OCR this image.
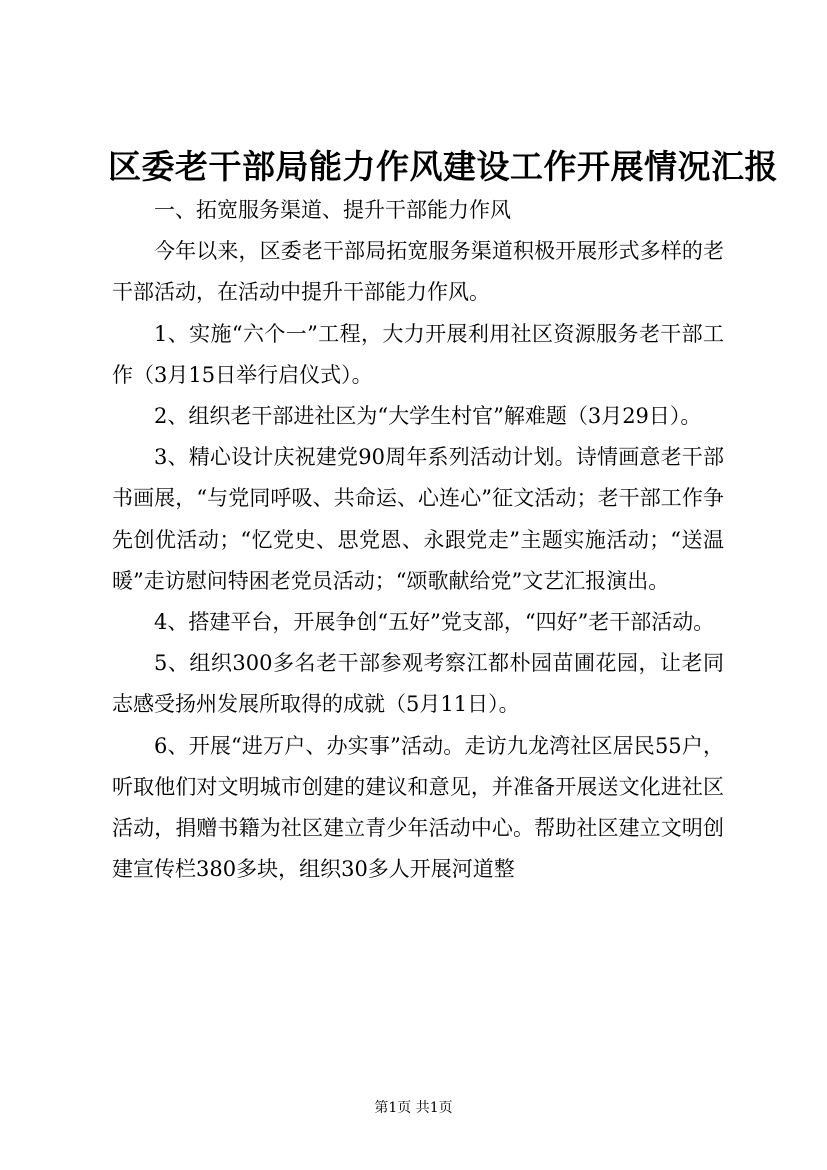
区委老干部局能力作风建设工作开展情况汇报

一、拓宽服务渠道、提升干部能力作风

今年以来，区委老干部局拓宽服务渠道积极开展形式多样的老干部活动，在活动中提升干部能力作风。

1、实施“六个一”工程，大力开展利用社区资源服务老干部工作（3月15日举行启仪式）。

2、组织老干部进社区为“大学生村官”解难题（3月29日）。

3、精心设计庆祝建党90周年系列活动计划。诗情画意老干部书画展，“与党同呼吸、共命运、心连心”征文活动；老干部工作争先创优活动；“忆党史、思党恩、永跟党走”主题实施活动；“送温暖”走访慰问特困老党员活动；“颂歌献给党”文艺汇报演出。

4、搭建平台，开展争创“五好”党支部，“四好”老干部活动。

5、组织300多名老干部参观考察江都朴园苗圃花园，让老同志感受扬州发展所取得的成就（5月11日）。

6、开展“进万户、办实事”活动。走访九龙湾社区居民55户，听取他们对文明城市创建的建议和意见，并准备开展送文化进社区活动，捐赠书籍为社区建立青少年活动中心。帮助社区建立文明创建宣传栏380多块，组织30多人开展河道整

第1页 共1页
